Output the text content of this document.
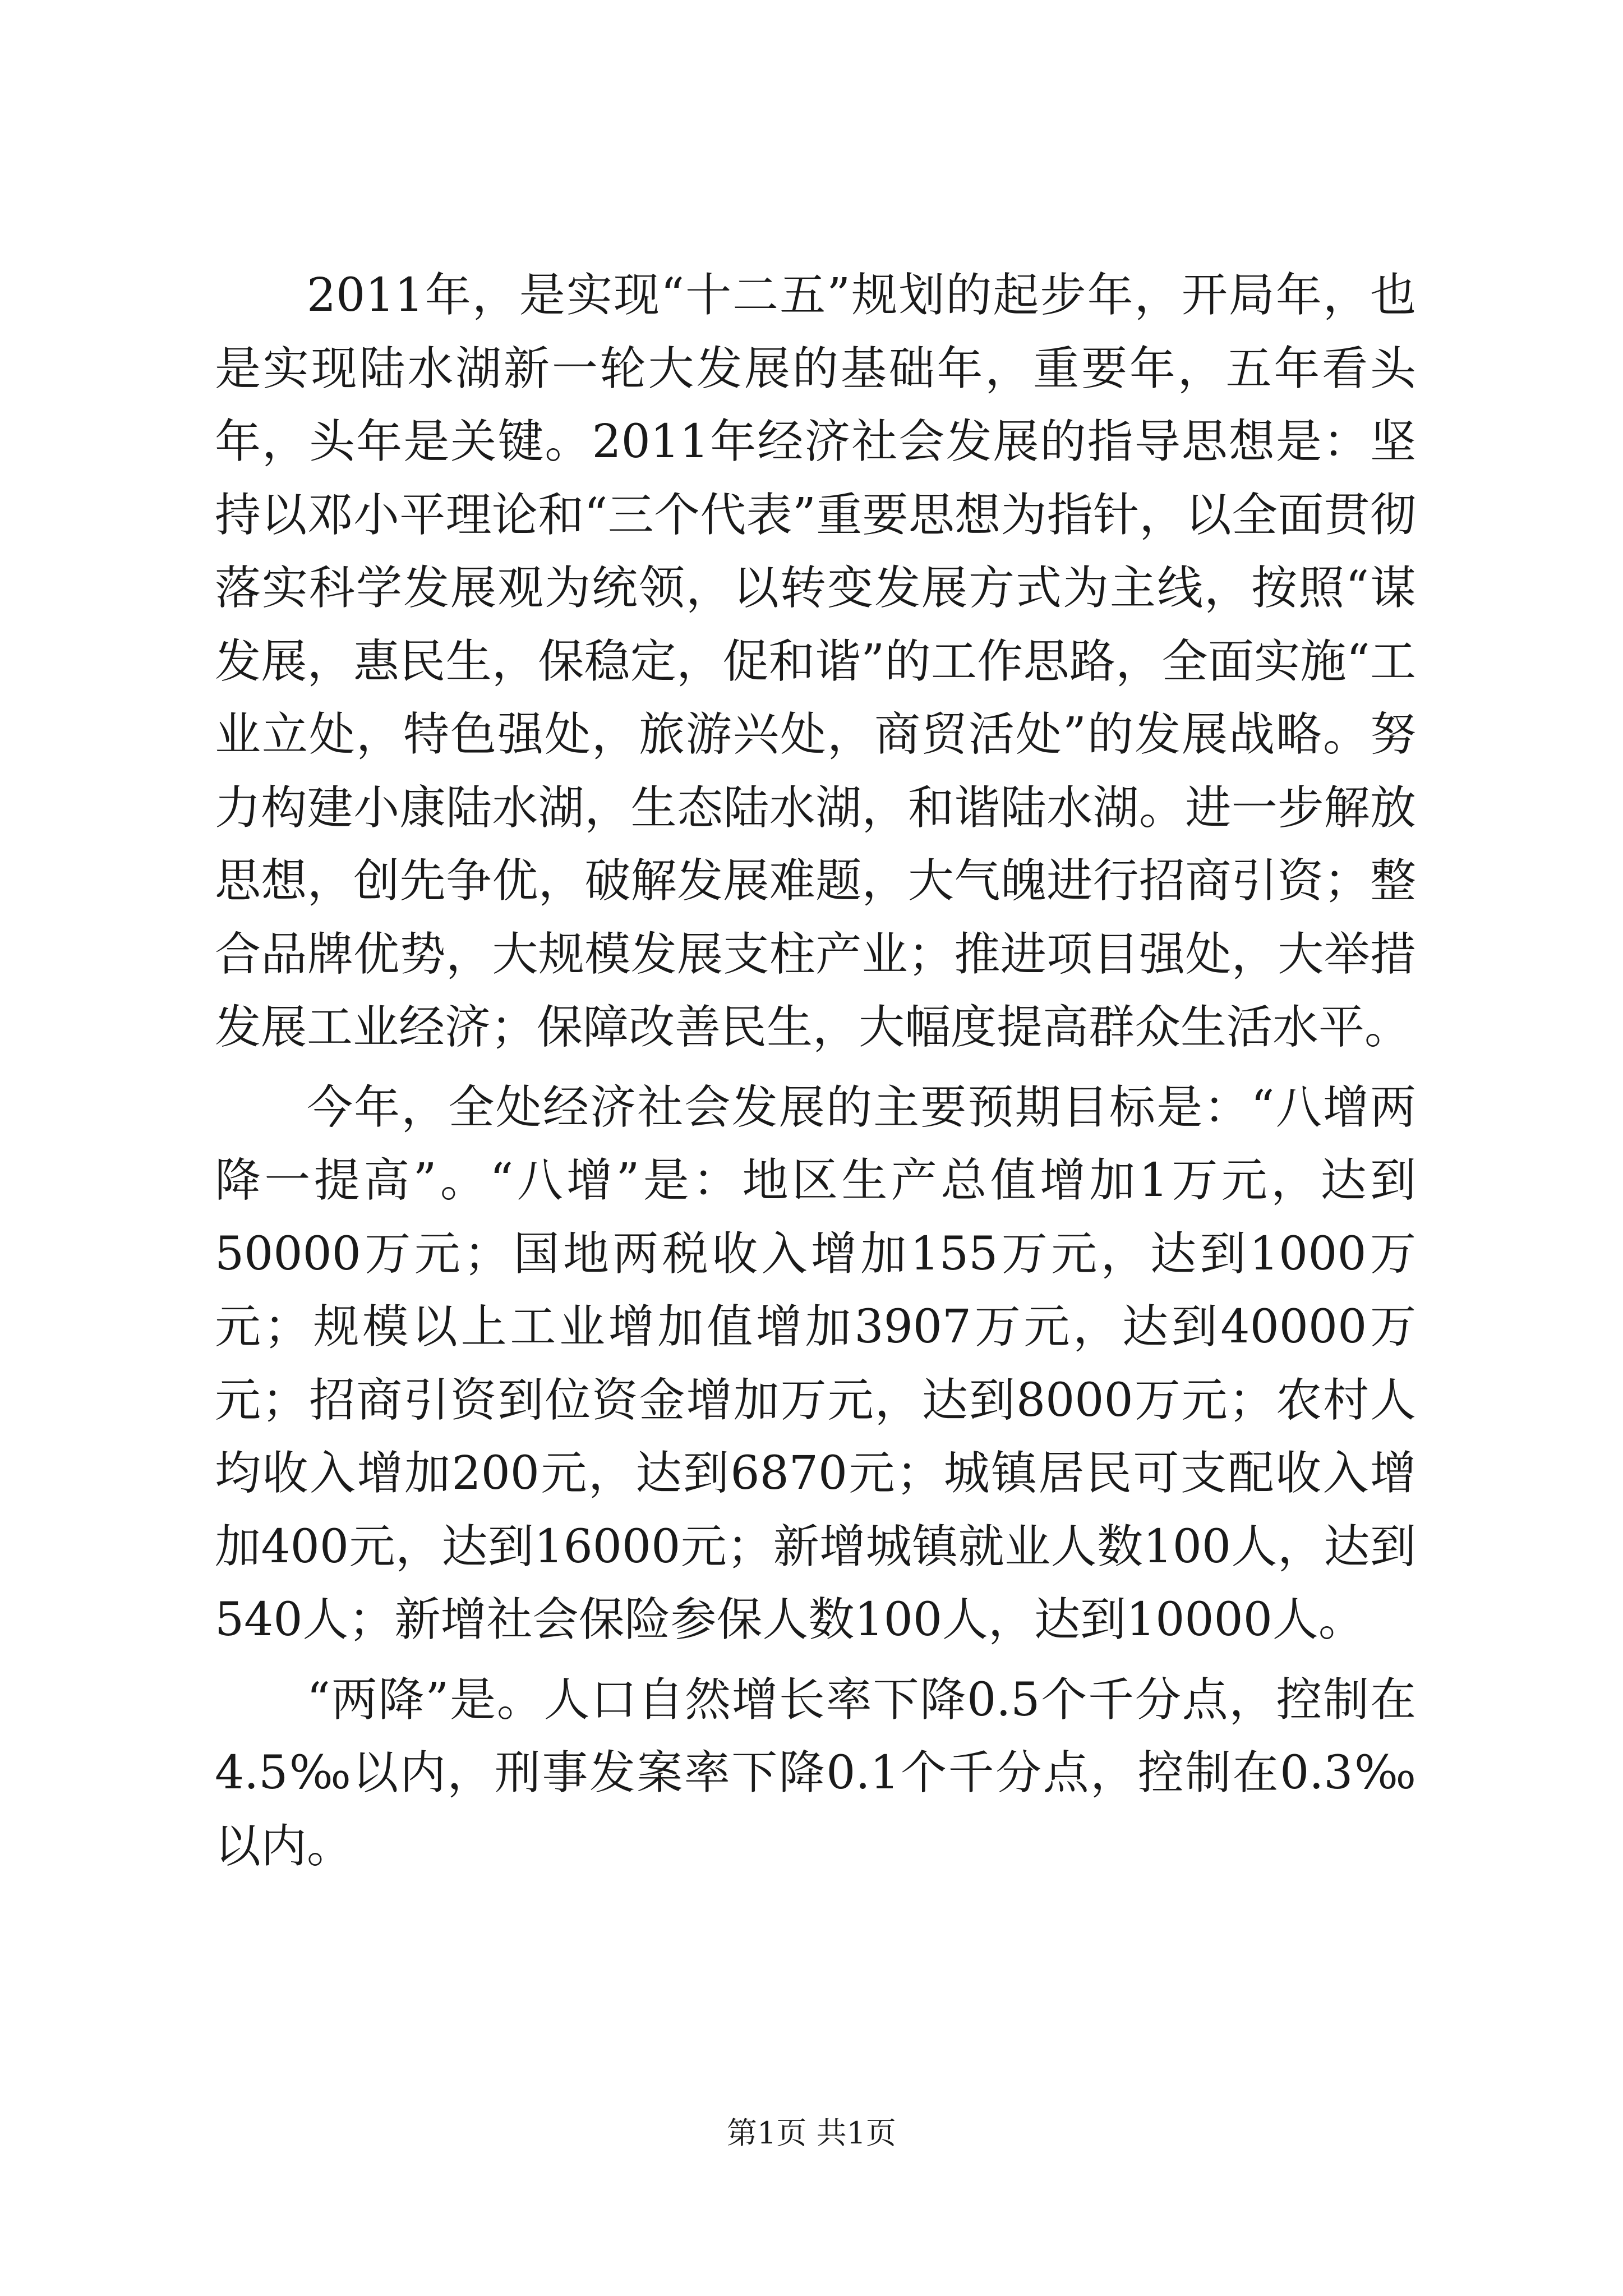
2011年，是实现“十二五”规划的起步年，开局年，也是实现陆水湖新一轮大发展的基础年，重要年，五年看头年，头年是关键。2011年经济社会发展的指导思想是：坚持以邓小平理论和“三个代表”重要思想为指针，以全面贯彻落实科学发展观为统领，以转变发展方式为主线，按照“谋发展，惠民生，保稳定，促和谐”的工作思路，全面实施“工业立处，特色强处，旅游兴处，商贸活处”的发展战略。努力构建小康陆水湖，生态陆水湖，和谐陆水湖。进一步解放思想，创先争优，破解发展难题，大气魄进行招商引资；整合品牌优势，大规模发展支柱产业；推进项目强处，大举措发展工业经济；保障改善民生，大幅度提高群众生活水平。

今年，全处经济社会发展的主要预期目标是：“八增两降一提高”。“八增”是：地区生产总值增加1万元，达到50000万元；国地两税收入增加155万元，达到1000万元；规模以上工业增加值增加3907万元，达到40000万元；招商引资到位资金增加万元，达到8000万元；农村人均收入增加200元，达到6870元；城镇居民可支配收入增加400元，达到16000元；新增城镇就业人数100人，达到540人；新增社会保险参保人数100人，达到10000人。

“两降”是。人口自然增长率下降0.5个千分点，控制在4.5‰以内，刑事发案率下降0.1个千分点，控制在0.3‰以内。

第1页 共1页
